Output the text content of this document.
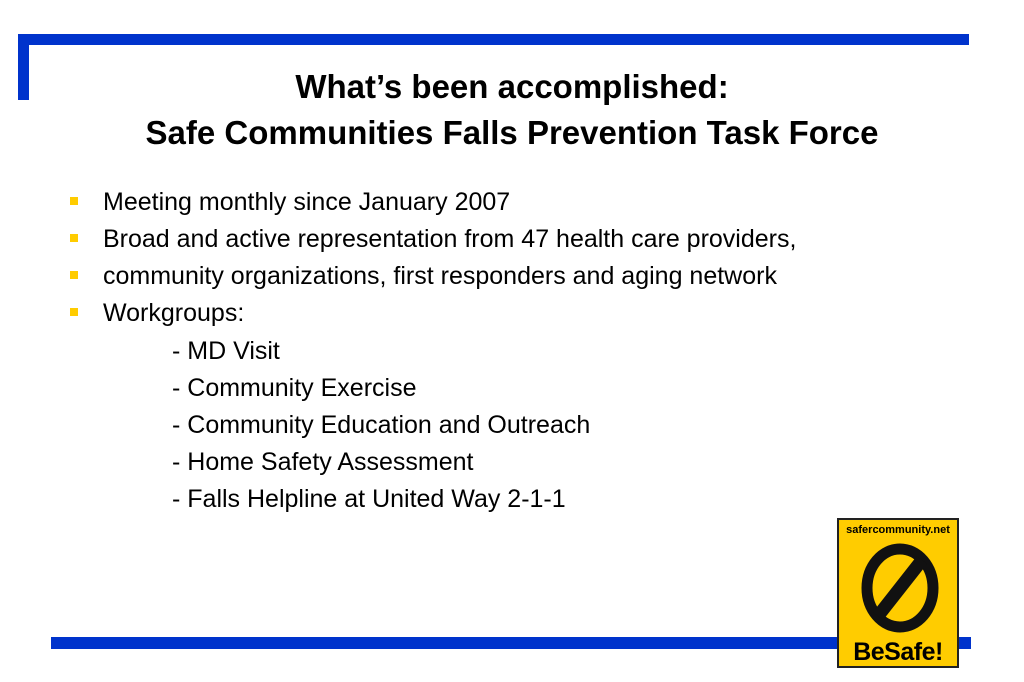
What’s been accomplished:
Safe Communities Falls Prevention Task Force
Meeting monthly since January 2007
Broad and active representation from 47 health care providers,
community organizations, first responders and aging network
Workgroups:
- MD Visit
- Community Exercise
- Community Education and Outreach
- Home Safety Assessment
- Falls Helpline at United Way 2-1-1
safercommunity.net
BeSafe!
